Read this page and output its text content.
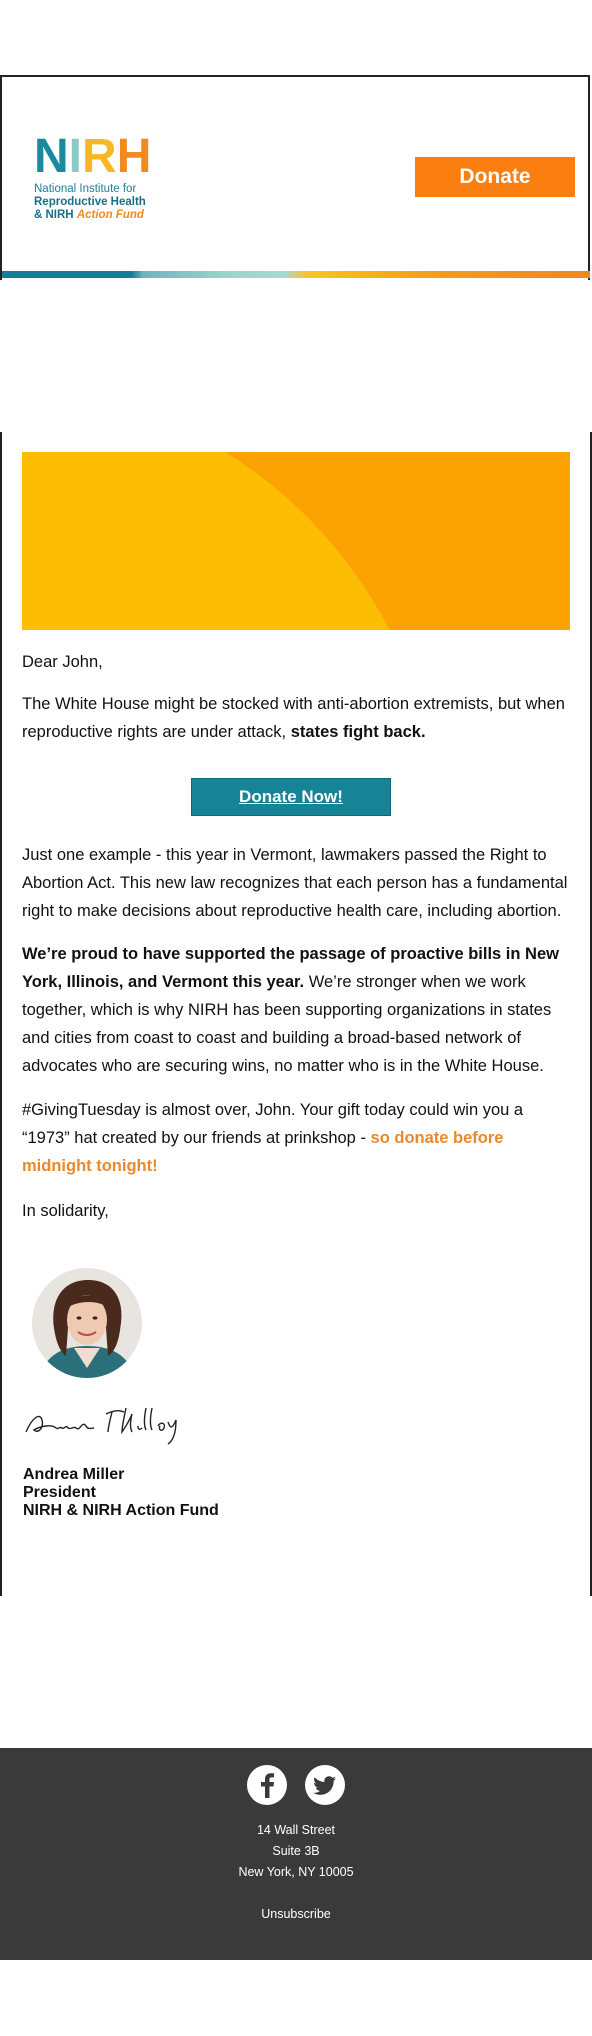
N I R H
National Institute for
Reproductive Health
& NIRH Action Fund
Donate
Dear John,
The White House might be stocked with anti-abortion extremists, but when reproductive rights are under attack, states fight back.
Donate Now!
Just one example - this year in Vermont, lawmakers passed the Right to Abortion Act. This new law recognizes that each person has a fundamental right to make decisions about reproductive health care, including abortion.
We’re proud to have supported the passage of proactive bills in New York, Illinois, and Vermont this year. We’re stronger when we work together, which is why NIRH has been supporting organizations in states and cities from coast to coast and building a broad-based network of advocates who are securing wins, no matter who is in the White House.
#GivingTuesday is almost over, John. Your gift today could win you a “1973” hat created by our friends at prinkshop - so donate before midnight tonight!
In solidarity,
Andrea Miller
Andrea Miller
President
NIRH & NIRH Action Fund
14 Wall Street
Suite 3B
New York, NY 10005
Unsubscribe
